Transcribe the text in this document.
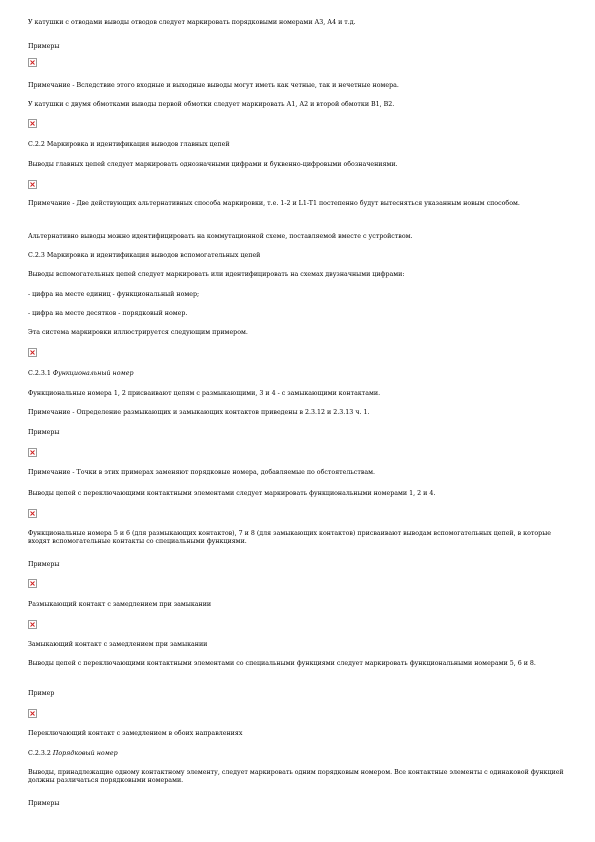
У катушки с отводами выводы отводов следует маркировать порядковыми номерами А3, А4 и т.д.
Примеры
Примечание - Вследствие этого входные и выходные выводы могут иметь как четные, так и нечетные номера.
У катушки с двумя обмотками выводы первой обмотки следует маркировать А1, А2 и второй обмотки В1, В2.
С.2.2 Маркировка и идентификация выводов главных цепей
Выводы главных цепей следует маркировать однозначными цифрами и буквенно-цифровыми обозначениями.
Примечание - Две действующих альтернативных способа маркировки, т.е. 1-2 и L1-T1 постепенно будут вытесняться указанным новым способом.
Альтернативно выводы можно идентифицировать на коммутационной схеме, поставляемой вместе с устройством.
С.2.3 Маркировка и идентификация выводов вспомогательных цепей
Выводы вспомогательных цепей следует маркировать или идентифицировать на схемах двузначными цифрами:
- цифра на месте единиц - функциональный номер;
- цифра на месте десятков - порядковый номер.
Эта система маркировки иллюстрируется следующим примером.
С.2.3.1 Функциональный номер
Функциональные номера 1, 2 присваивают цепям с размыкающими, 3 и 4 - с замыкающими контактами.
Примечание - Определение размыкающих и замыкающих контактов приведены в 2.3.12 и 2.3.13 ч. 1.
Примеры
Примечание - Точки в этих примерах заменяют порядковые номера, добавляемые по обстоятельствам.
Выводы цепей с переключающими контактными элементами следует маркировать функциональными номерами 1, 2 и 4.
Функциональные номера 5 и 6 (для размыкающих контактов), 7 и 8 (для замыкающих контактов) присваивают выводам вспомогательных цепей, в которые входят вспомогательные контакты со специальными функциями.
Примеры
Размыкающий контакт с замедлением при замыкании
Замыкающий контакт с замедлением при замыкании
Выводы цепей с переключающими контактными элементами со специальными функциями следует маркировать функциональными номерами 5, 6 и 8.
Пример
Переключающий контакт с замедлением в обоих направлениях
С.2.3.2 Порядковый номер
Выводы, принадлежащие одному контактному элементу, следует маркировать одним порядковым номером. Все контактные элементы с одинаковой функцией должны различаться порядковыми номерами.
Примеры
